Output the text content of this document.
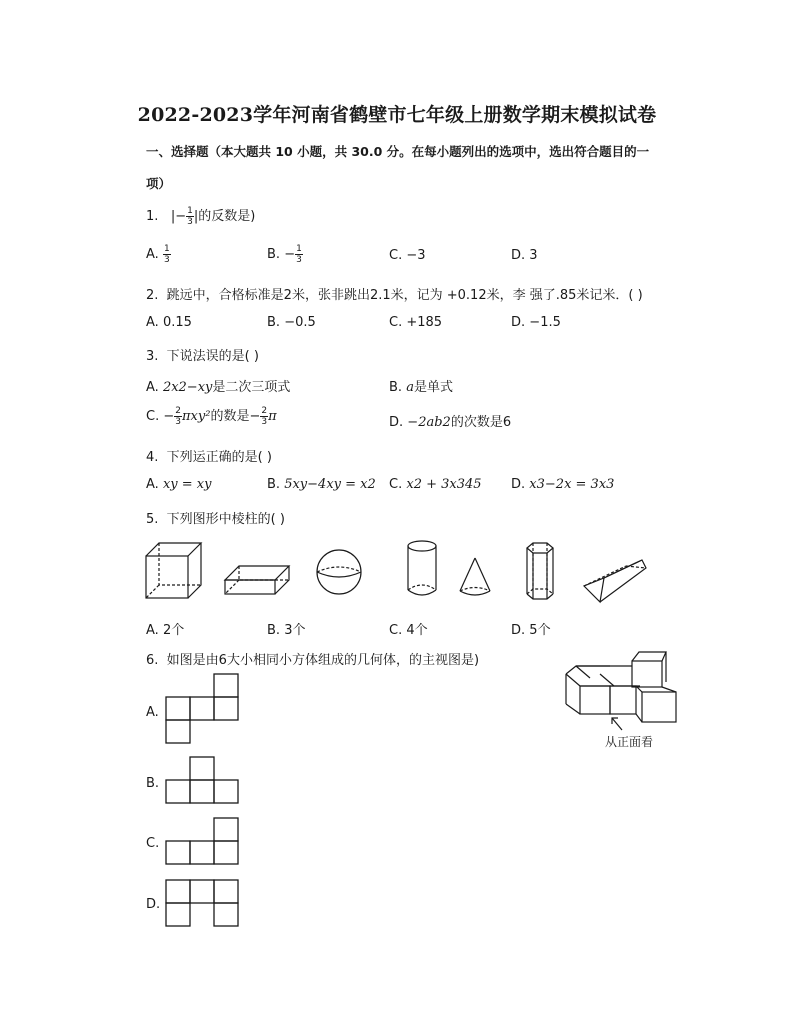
2022-2023学年河南省鹤壁市七年级上册数学期末模拟试卷
一、选择题（本大题共 10 小题，共 30.0 分。在每小题列出的选项中，选出符合题目的一
项）
1. |− $\frac{1}{3}$ |的反数是)
A. $\frac{1}{3}$	B. − $\frac{1}{3}$	C. −3	D. 3
2. 跳远中，合格标准是2米，张非跳出2.1米，记为 +0.12米，李 强了.85米记米．( )
A. 0.15	B. −0.5	C. +185	D. −1.5
3. 下说法误的是( )
A. 2x2−xy是二次三项式	B. a是单式
C. − $\frac{2}{3} \pi xy^2$的数是− $\frac{2}{3}$ π	D. −2ab2的次数是6
4. 下列运正确的是( )
A. xy = xy	B. 5xy−4xy = x2 C. x2 + 3x345 D. x3−2x = 3x3
5. 下列图形中棱柱的( )
A. 2个	B. 3个	C. 4个	D. 5个
6. 如图是由6大小相同小方体组成的几何体，的主视图是)
从正面看
A.
B.
C.
D.
